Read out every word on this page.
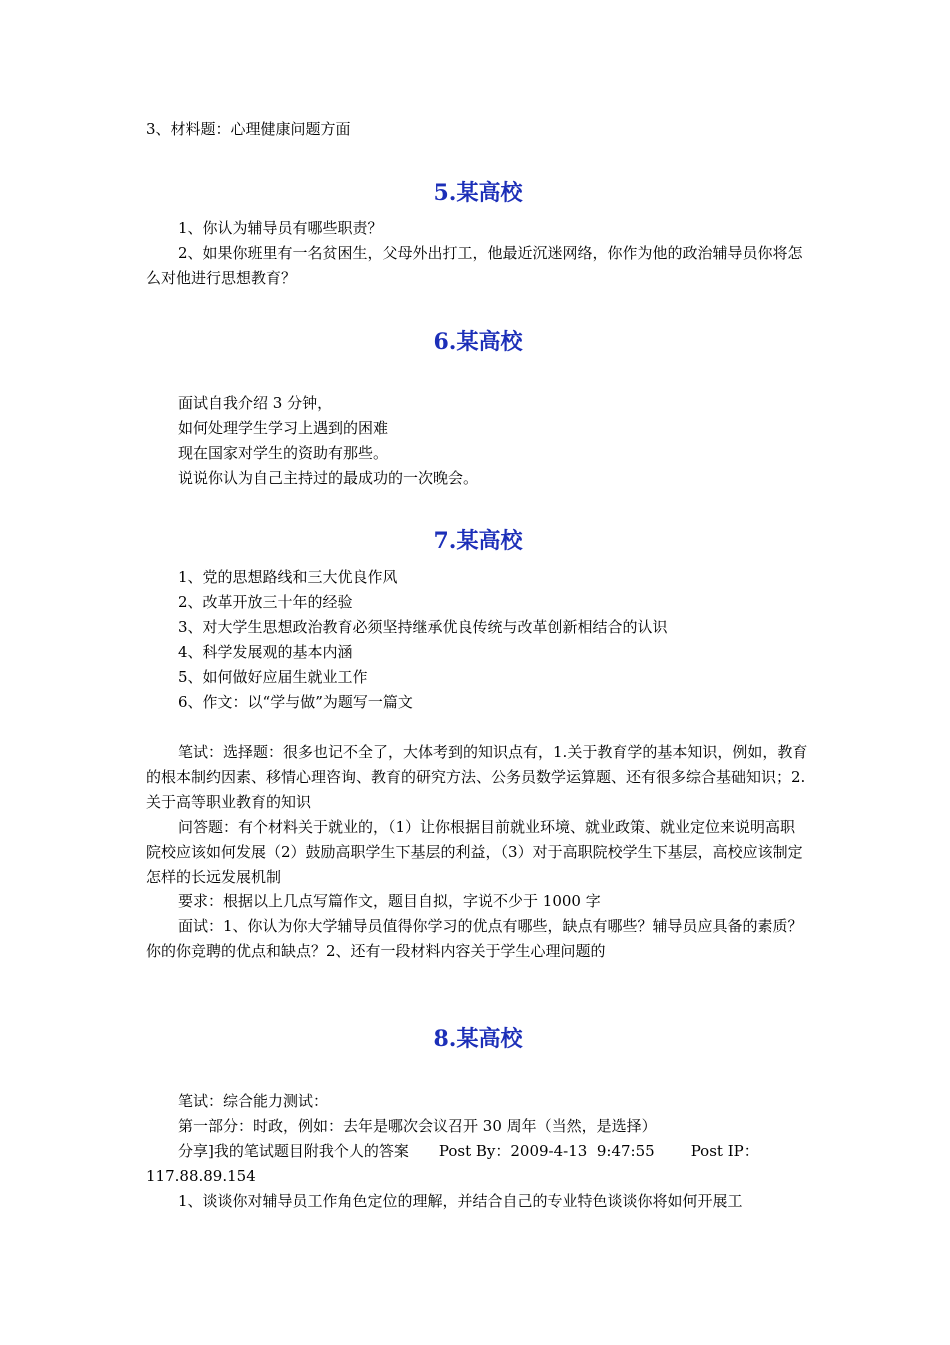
3、材料题：心理健康问题方面

5.某高校

1、你认为辅导员有哪些职责？

2、如果你班里有一名贫困生，父母外出打工，他最近沉迷网络，你作为他的政治辅导员你将怎么对他进行思想教育？

6.某高校

面试自我介绍 3 分钟，

如何处理学生学习上遇到的困难

现在国家对学生的资助有那些。

说说你认为自己主持过的最成功的一次晚会。

7.某高校

1、党的思想路线和三大优良作风

2、改革开放三十年的经验

3、对大学生思想政治教育必须坚持继承优良传统与改革创新相结合的认识

4、科学发展观的基本内涵

5、如何做好应届生就业工作

6、作文：以“学与做”为题写一篇文

笔试：选择题：很多也记不全了，大体考到的知识点有，1.关于教育学的基本知识，例如，教育的根本制约因素、移情心理咨询、教育的研究方法、公务员数学运算题、还有很多综合基础知识；2.关于高等职业教育的知识

问答题：有个材料关于就业的，（1）让你根据目前就业环境、就业政策、就业定位来说明高职院校应该如何发展（2）鼓励高职学生下基层的利益，（3）对于高职院校学生下基层，高校应该制定怎样的长远发展机制

要求：根据以上几点写篇作文，题目自拟，字说不少于 1000 字

面试：1、你认为你大学辅导员值得你学习的优点有哪些，缺点有哪些？辅导员应具备的素质？你的你竞聘的优点和缺点？2、还有一段材料内容关于学生心理问题的

8.某高校

笔试：综合能力测试：

第一部分：时政，例如：去年是哪次会议召开 30 周年（当然，是选择）

分享]我的笔试题目附我个人的答案 Post By：2009-4-13  9:47:55 Post IP：

117.88.89.154

1、谈谈你对辅导员工作角色定位的理解，并结合自己的专业特色谈谈你将如何开展工
